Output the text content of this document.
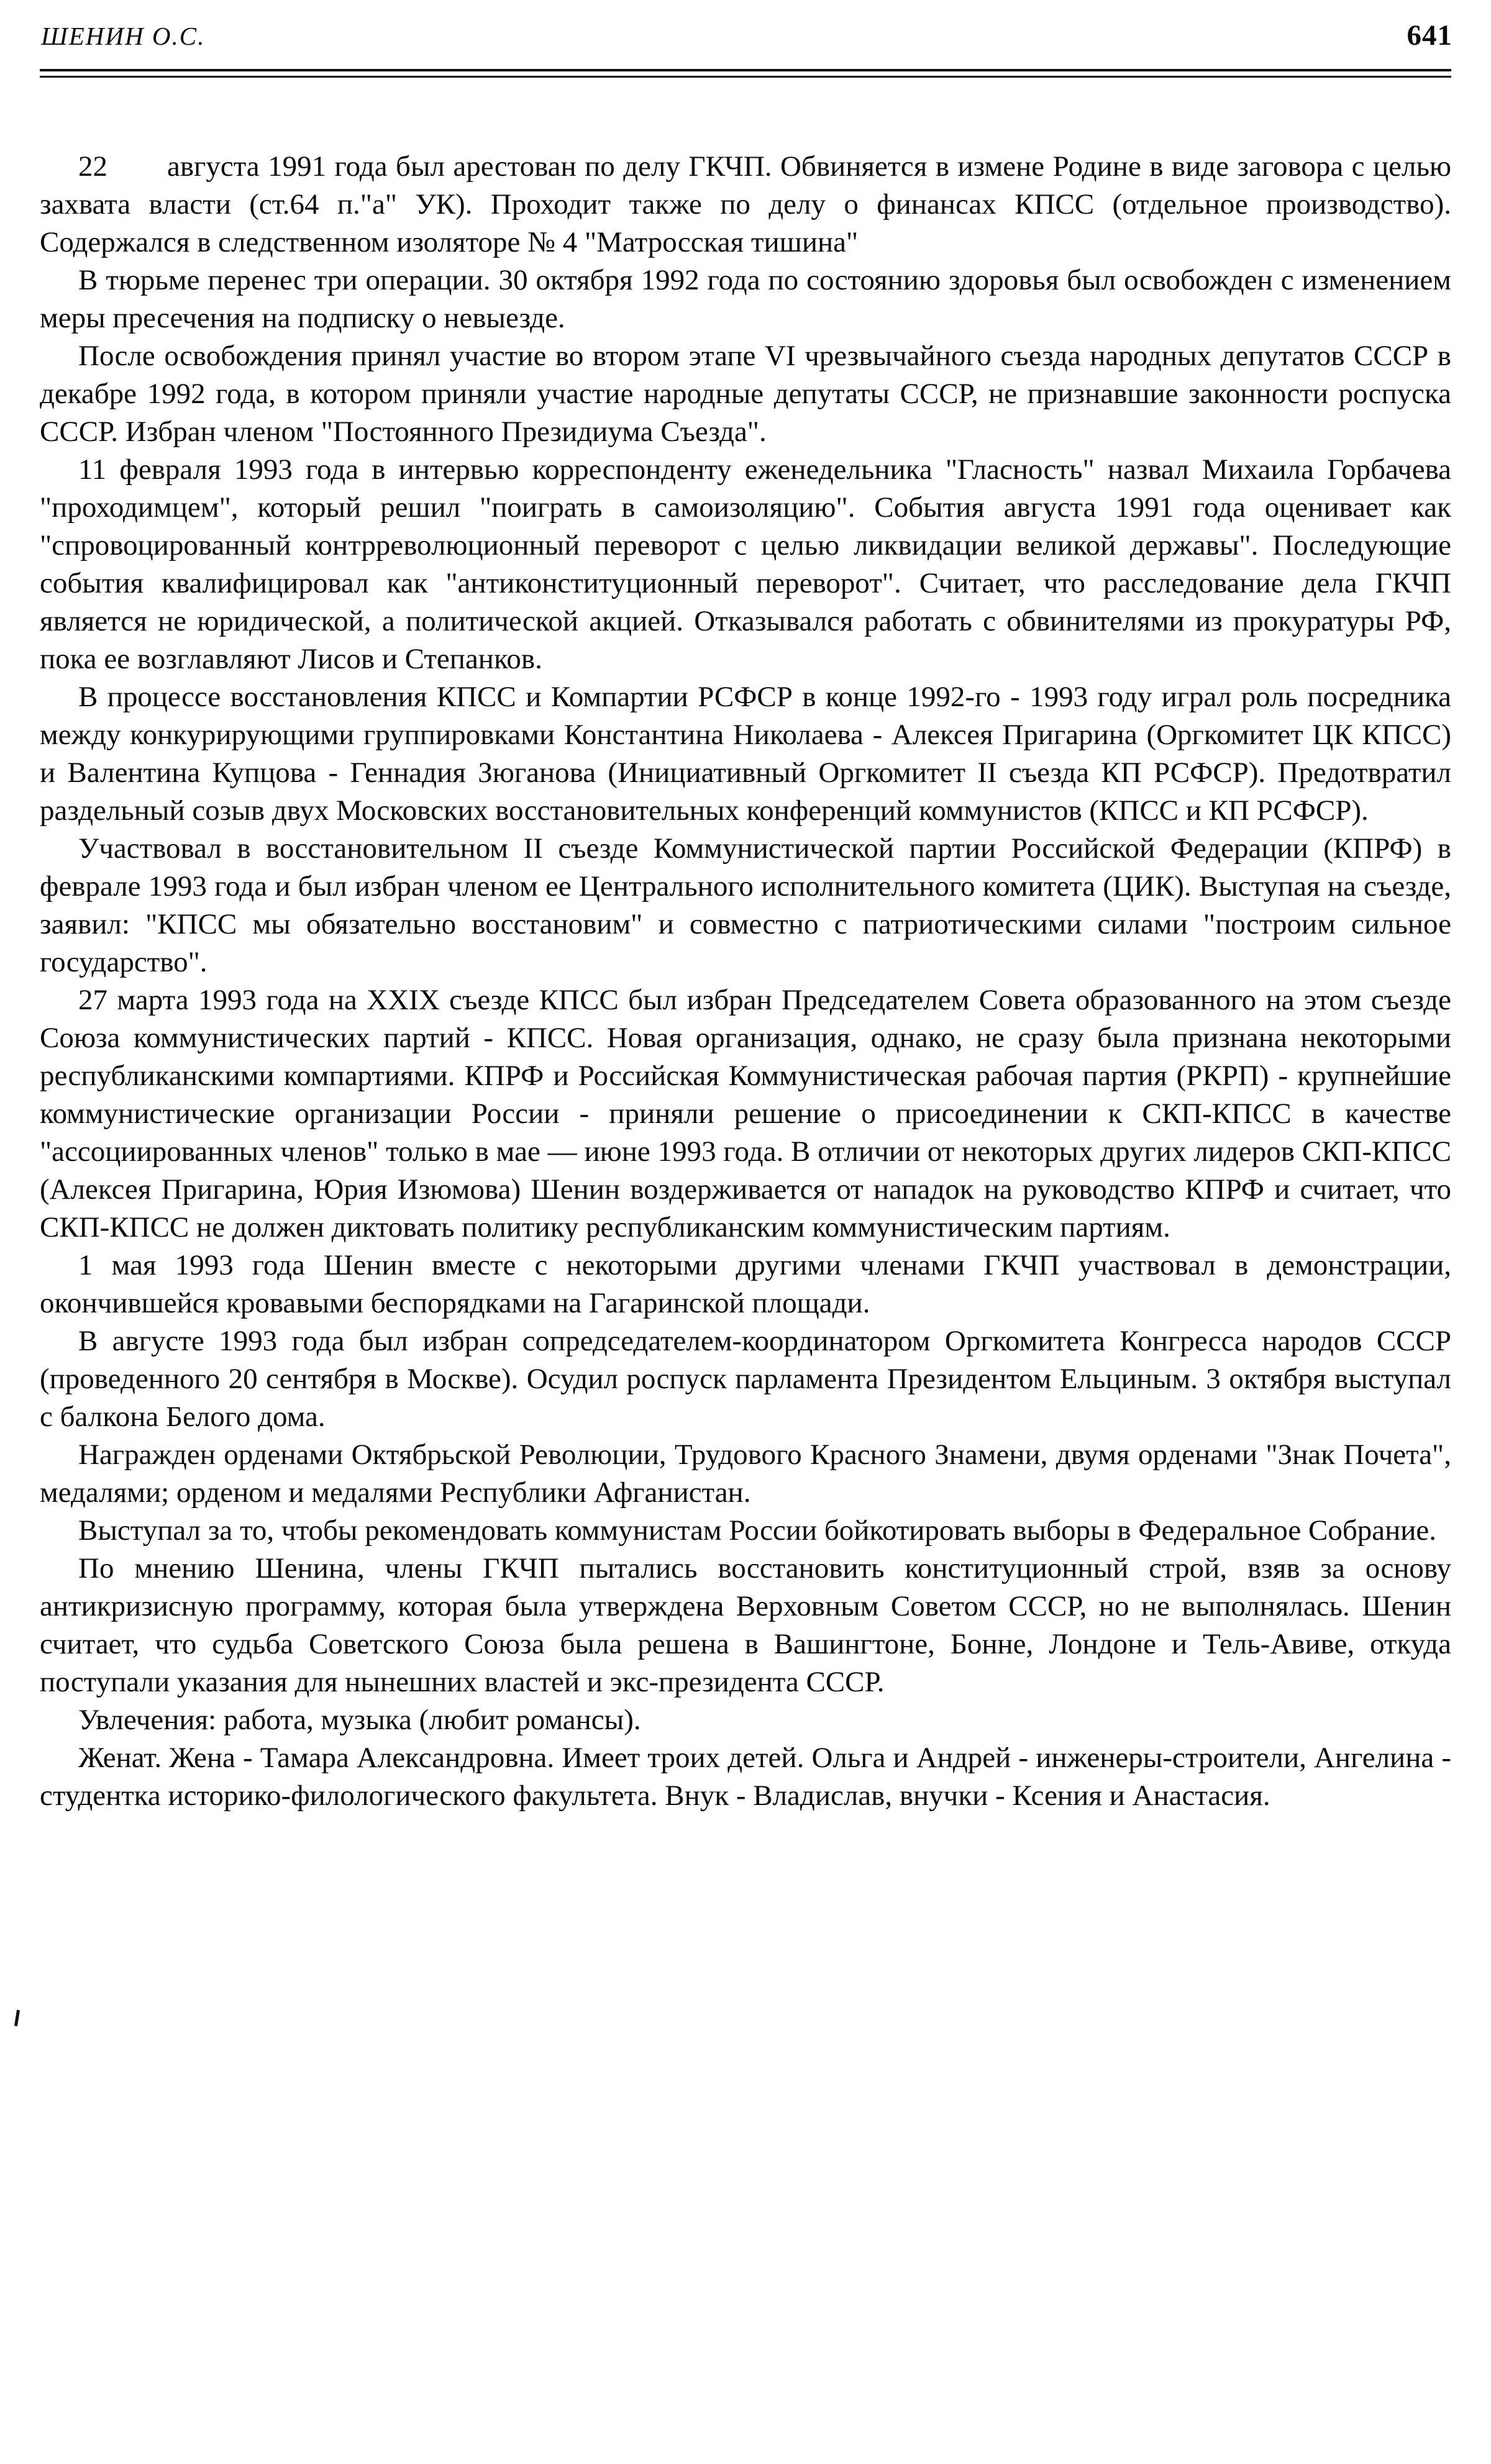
ШЕНИН О.С.	641

22 августа 1991 года был арестован по делу ГКЧП. Обвиняется в измене Родине в виде заговора с целью захвата власти (ст.64 п."а" УК). Проходит также по делу о финансах КПСС (отдельное производство). Содержался в следственном изоляторе № 4 "Матросская тишина"

В тюрьме перенес три операции. 30 октября 1992 года по состоянию здоровья был освобожден с изменением меры пресечения на подписку о невыезде.

После освобождения принял участие во втором этапе VI чрезвычайного съезда народных депутатов СССР в декабре 1992 года, в котором приняли участие народные депутаты СССР, не признавшие законности роспуска СССР. Избран членом "Постоянного Президиума Съезда".

11 февраля 1993 года в интервью корреспонденту еженедельника "Гласность" назвал Михаила Горбачева "проходимцем", который решил "поиграть в самоизоляцию". События августа 1991 года оценивает как "спровоцированный контрреволюционный переворот с целью ликвидации великой державы". Последующие события квалифицировал как "антиконституционный переворот". Считает, что расследование дела ГКЧП является не юридической, а политической акцией. Отказывался работать с обвинителями из прокуратуры РФ, пока ее возглавляют Лисов и Степанков.

В процессе восстановления КПСС и Компартии РСФСР в конце 1992-го - 1993 году играл роль посредника между конкурирующими группировками Константина Николаева - Алексея Пригарина (Оргкомитет ЦК КПСС) и Валентина Купцова - Геннадия Зюганова (Инициативный Оргкомитет II съезда КП РСФСР). Предотвратил раздельный созыв двух Московских восстановительных конференций коммунистов (КПСС и КП РСФСР).

Участвовал в восстановительном II съезде Коммунистической партии Российской Федерации (КПРФ) в феврале 1993 года и был избран членом ее Центрального исполнительного комитета (ЦИК). Выступая на съезде, заявил: "КПСС мы обязательно восстановим" и совместно с патриотическими силами "построим сильное государство".

27 марта 1993 года на XXIX съезде КПСС был избран Председателем Совета образованного на этом съезде Союза коммунистических партий - КПСС. Новая организация, однако, не сразу была признана некоторыми республиканскими компартиями. КПРФ и Российская Коммунистическая рабочая партия (РКРП) - крупнейшие коммунистические организации России - приняли решение о присоединении к СКП-КПСС в качестве "ассоциированных членов" только в мае — июне 1993 года. В отличии от некоторых других лидеров СКП-КПСС (Алексея Пригарина, Юрия Изюмова) Шенин воздерживается от нападок на руководство КПРФ и считает, что СКП-КПСС не должен диктовать политику республиканским коммунистическим партиям.

1 мая 1993 года Шенин вместе с некоторыми другими членами ГКЧП участвовал в демонстрации, окончившейся кровавыми беспорядками на Гагаринской площади.

В августе 1993 года был избран сопредседателем-координатором Оргкомитета Конгресса народов СССР (проведенного 20 сентября в Москве). Осудил роспуск парламента Президентом Ельциным. 3 октября выступал с балкона Белого дома.

Награжден орденами Октябрьской Революции, Трудового Красного Знамени, двумя орденами "Знак Почета", медалями; орденом и медалями Республики Афганистан.

Выступал за то, чтобы рекомендовать коммунистам России бойкотировать выборы в Федеральное Собрание.

По мнению Шенина, члены ГКЧП пытались восстановить конституционный строй, взяв за основу антикризисную программу, которая была утверждена Верховным Советом СССР, но не выполнялась. Шенин считает, что судьба Советского Союза была решена в Вашингтоне, Бонне, Лондоне и Тель-Авиве, откуда поступали указания для нынешних властей и экс-президента СССР.

Увлечения: работа, музыка (любит романсы).

Женат. Жена - Тамара Александровна. Имеет троих детей. Ольга и Андрей - инженеры-строители, Ангелина - студентка историко-филологического факультета. Внук - Владислав, внучки - Ксения и Анастасия.
